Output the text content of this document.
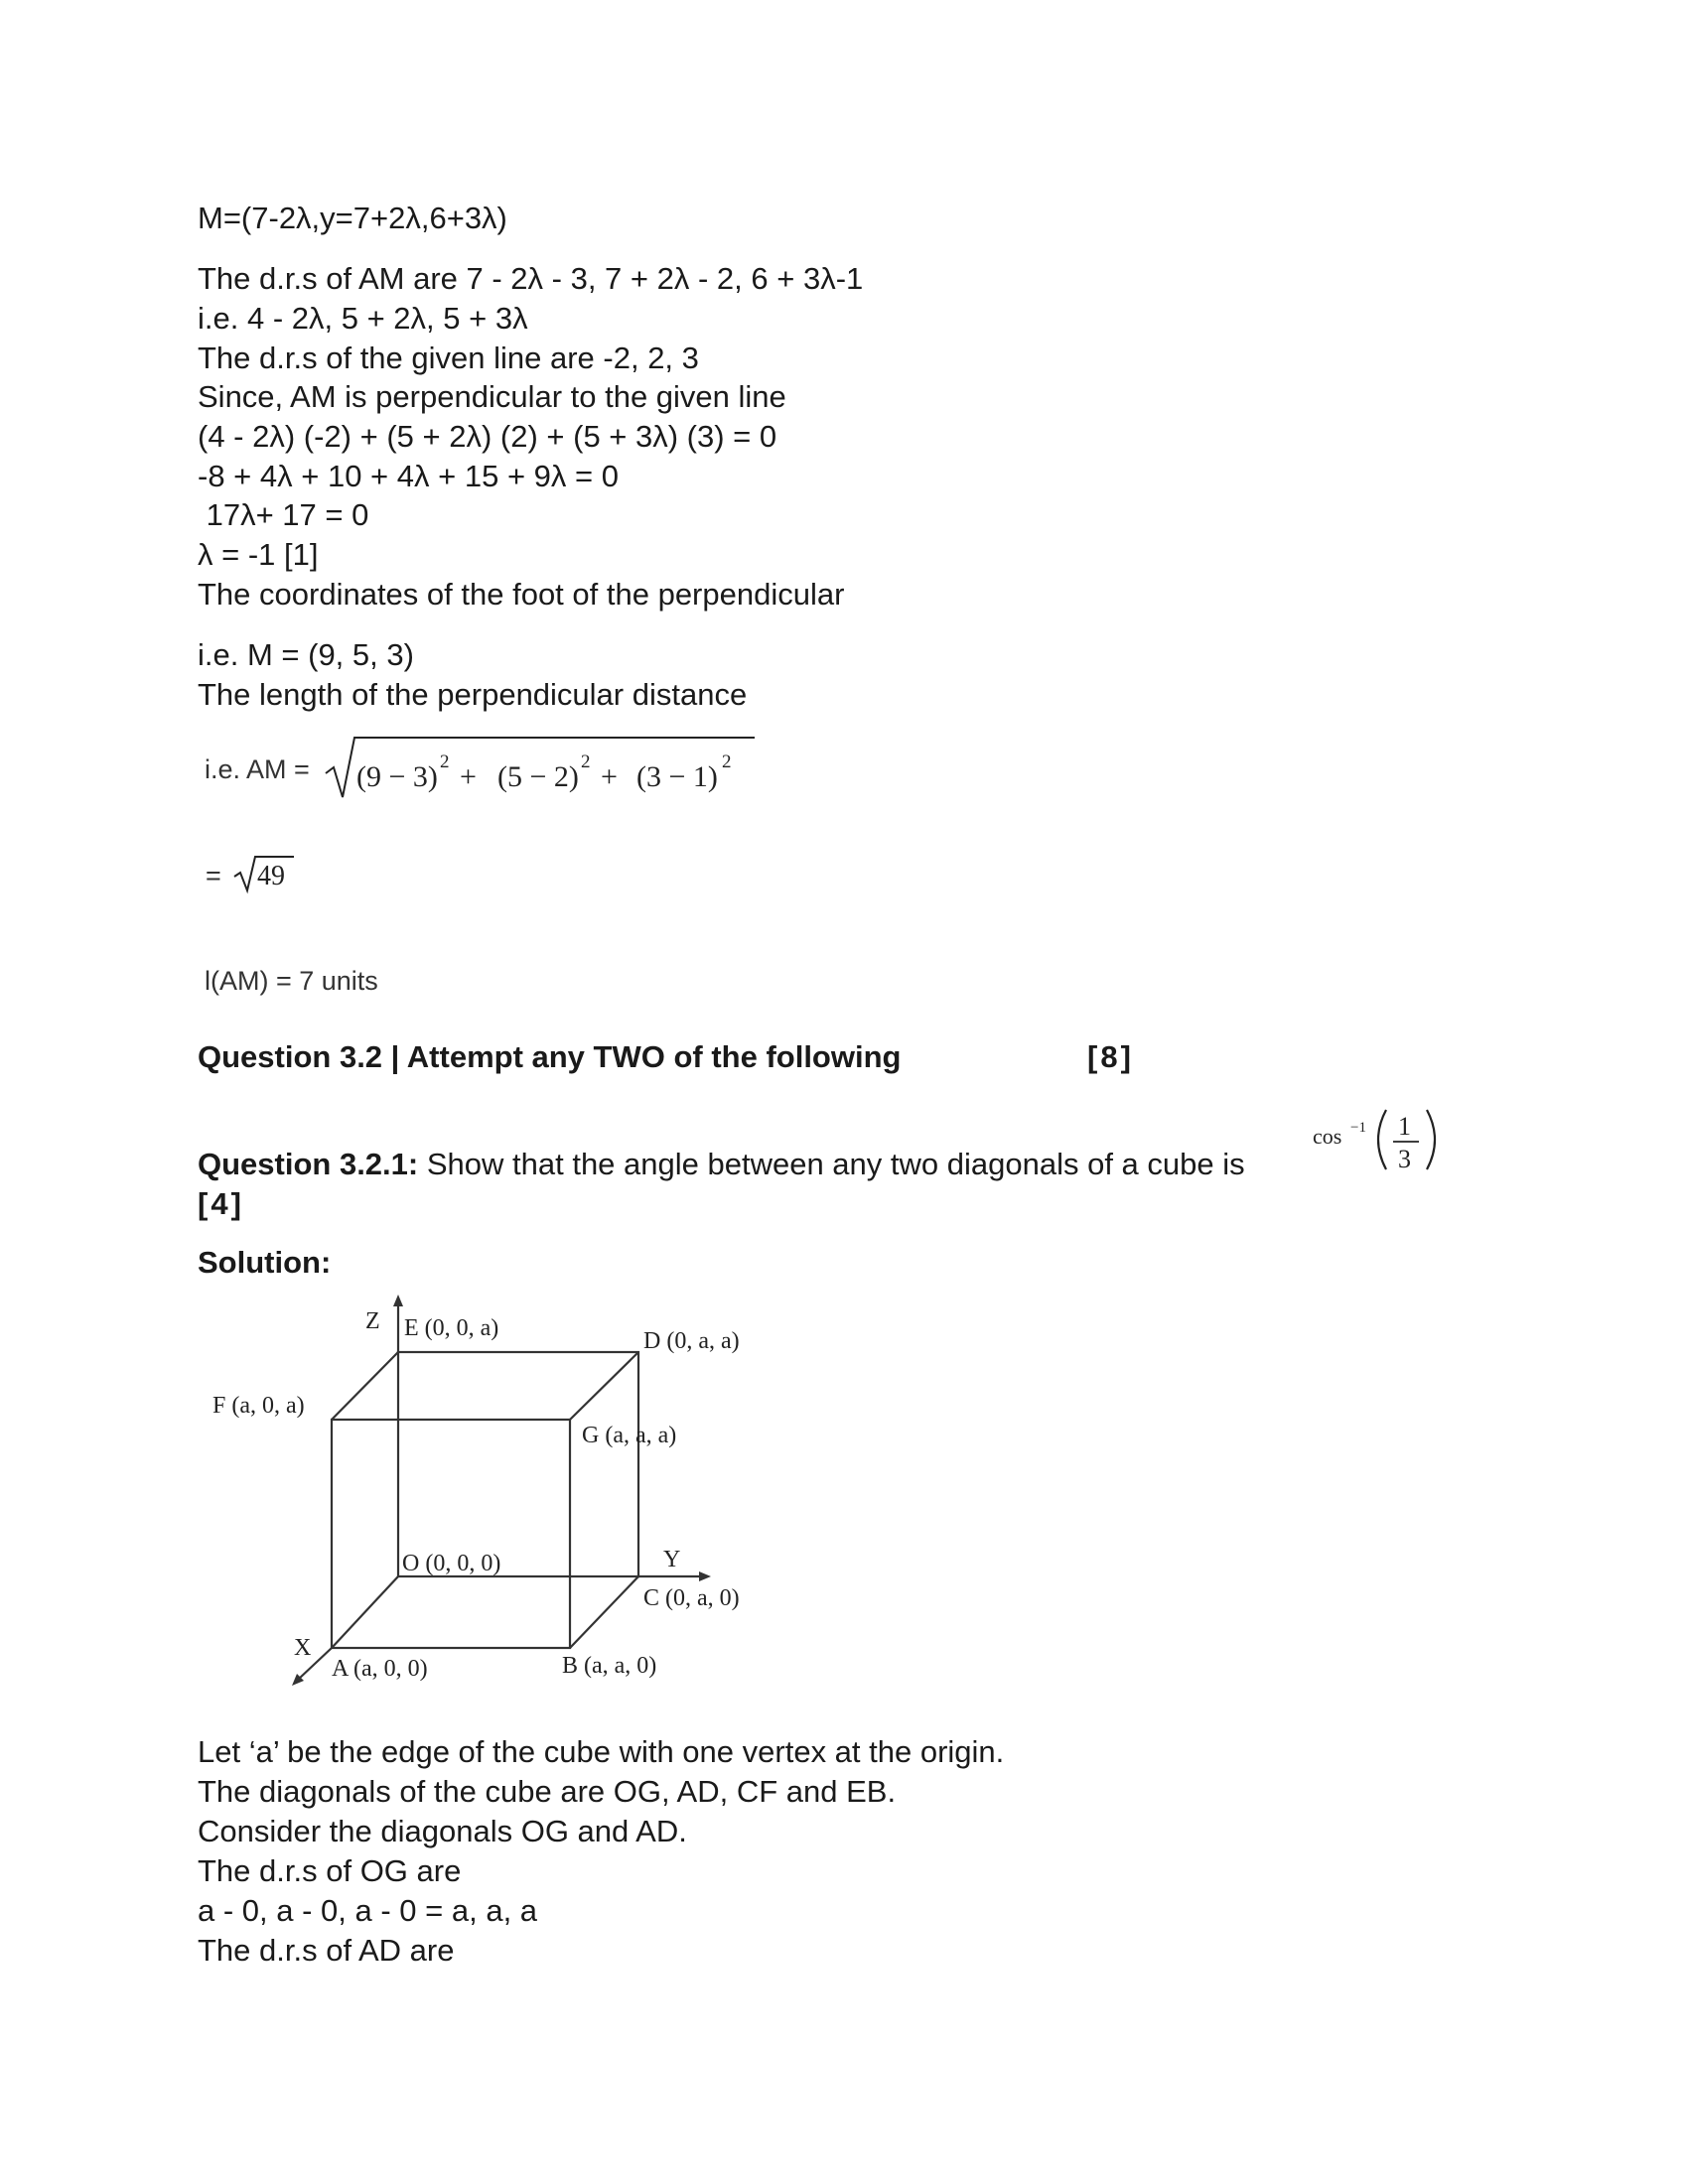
M=(7-2λ,y=7+2λ,6+3λ)
The d.r.s of AM are 7 - 2λ - 3, 7 + 2λ - 2, 6 + 3λ-1
i.e. 4 - 2λ, 5 + 2λ, 5 + 3λ
The d.r.s of the given line are -2, 2, 3
Since, AM is perpendicular to the given line
(4 - 2λ) (-2) + (5 + 2λ) (2) + (5 + 3λ) (3) = 0
-8 + 4λ + 10 + 4λ + 15 + 9λ = 0
17λ+ 17 = 0
λ = -1 [1]
The coordinates of the foot of the perpendicular
i.e. M = (9, 5, 3)
The length of the perpendicular distance
i.e. AM = (9 − 3) 2 + (5 − 2) 2 + (3 − 1) 2
= 49
l(AM) = 7 units
Question 3.2 | Attempt any TWO of the following	[8]
Question 3.2.1: Show that the angle between any two diagonals of a cube is
cos −1 1
3
[4]
Solution:
Z
Y
X
E (0, 0, a)	D (0, a, a)
F (a, 0, a)
G (a, a, a)
O (0, 0, 0)
C (0, a, 0)
A (a, 0, 0)	B (a, a, 0)
Let ‘a’ be the edge of the cube with one vertex at the origin.
The diagonals of the cube are OG, AD, CF and EB.
Consider the diagonals OG and AD.
The d.r.s of OG are
a - 0, a - 0, a - 0 = a, a, a
The d.r.s of AD are
